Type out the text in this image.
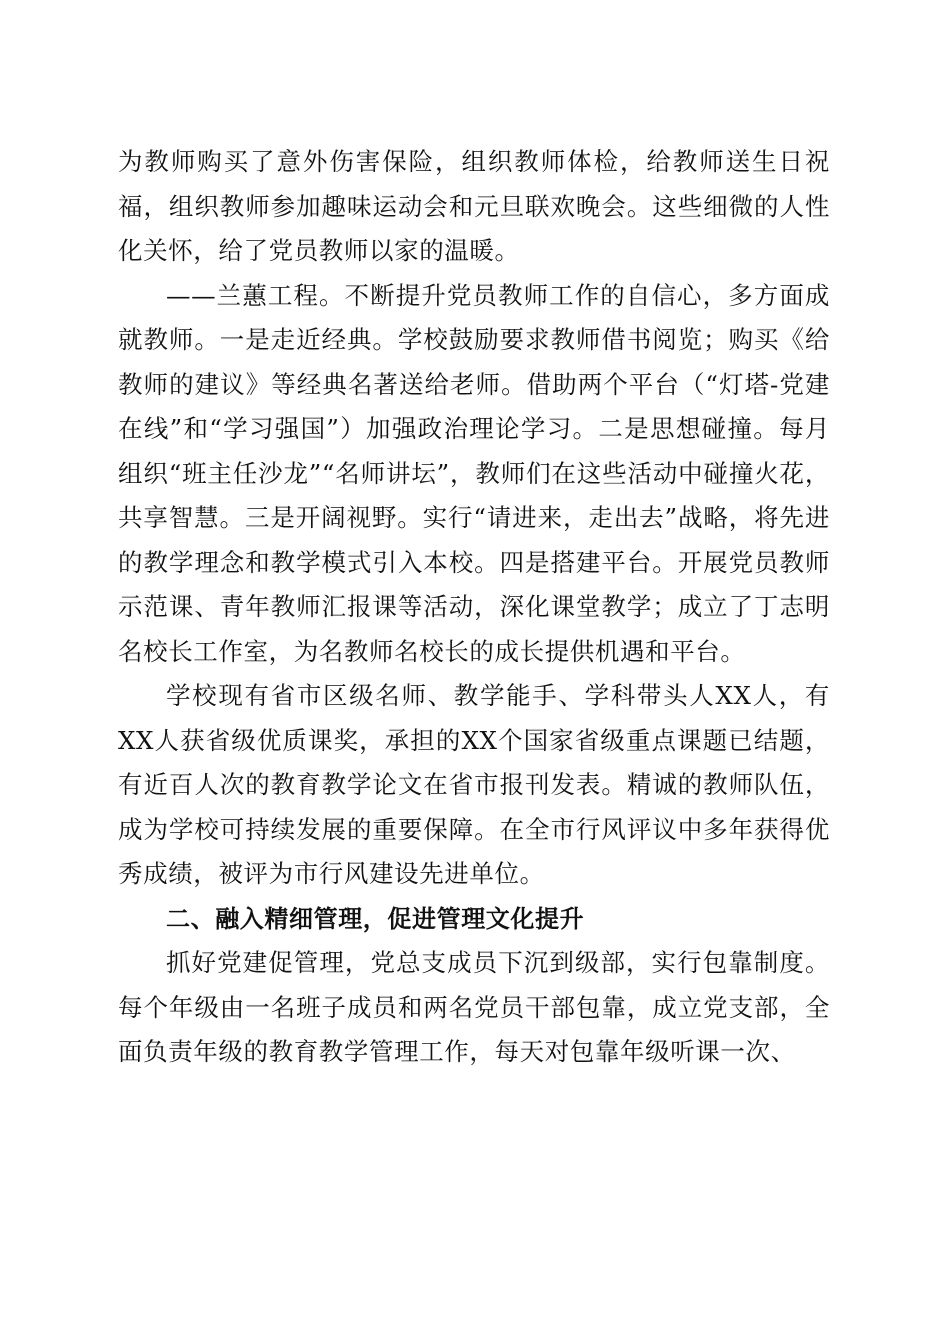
为教师购买了意外伤害保险，组织教师体检，给教师送生日祝福，组织教师参加趣味运动会和元旦联欢晚会。这些细微的人性化关怀，给了党员教师以家的温暖。

——兰蕙工程。不断提升党员教师工作的自信心，多方面成就教师。一是走近经典。学校鼓励要求教师借书阅览；购买《给教师的建议》等经典名著送给老师。借助两个平台（“灯塔-党建在线”和“学习强国”）加强政治理论学习。二是思想碰撞。每月组织“班主任沙龙”“名师讲坛”，教师们在这些活动中碰撞火花，共享智慧。三是开阔视野。实行“请进来，走出去”战略，将先进的教学理念和教学模式引入本校。四是搭建平台。开展党员教师示范课、青年教师汇报课等活动，深化课堂教学；成立了丁志明名校长工作室，为名教师名校长的成长提供机遇和平台。

学校现有省市区级名师、教学能手、学科带头人XX人，有XX人获省级优质课奖，承担的XX个国家省级重点课题已结题，有近百人次的教育教学论文在省市报刊发表。精诚的教师队伍，成为学校可持续发展的重要保障。在全市行风评议中多年获得优秀成绩，被评为市行风建设先进单位。

二、融入精细管理，促进管理文化提升

抓好党建促管理，党总支成员下沉到级部，实行包靠制度。每个年级由一名班子成员和两名党员干部包靠，成立党支部，全面负责年级的教育教学管理工作，每天对包靠年级听课一次、
